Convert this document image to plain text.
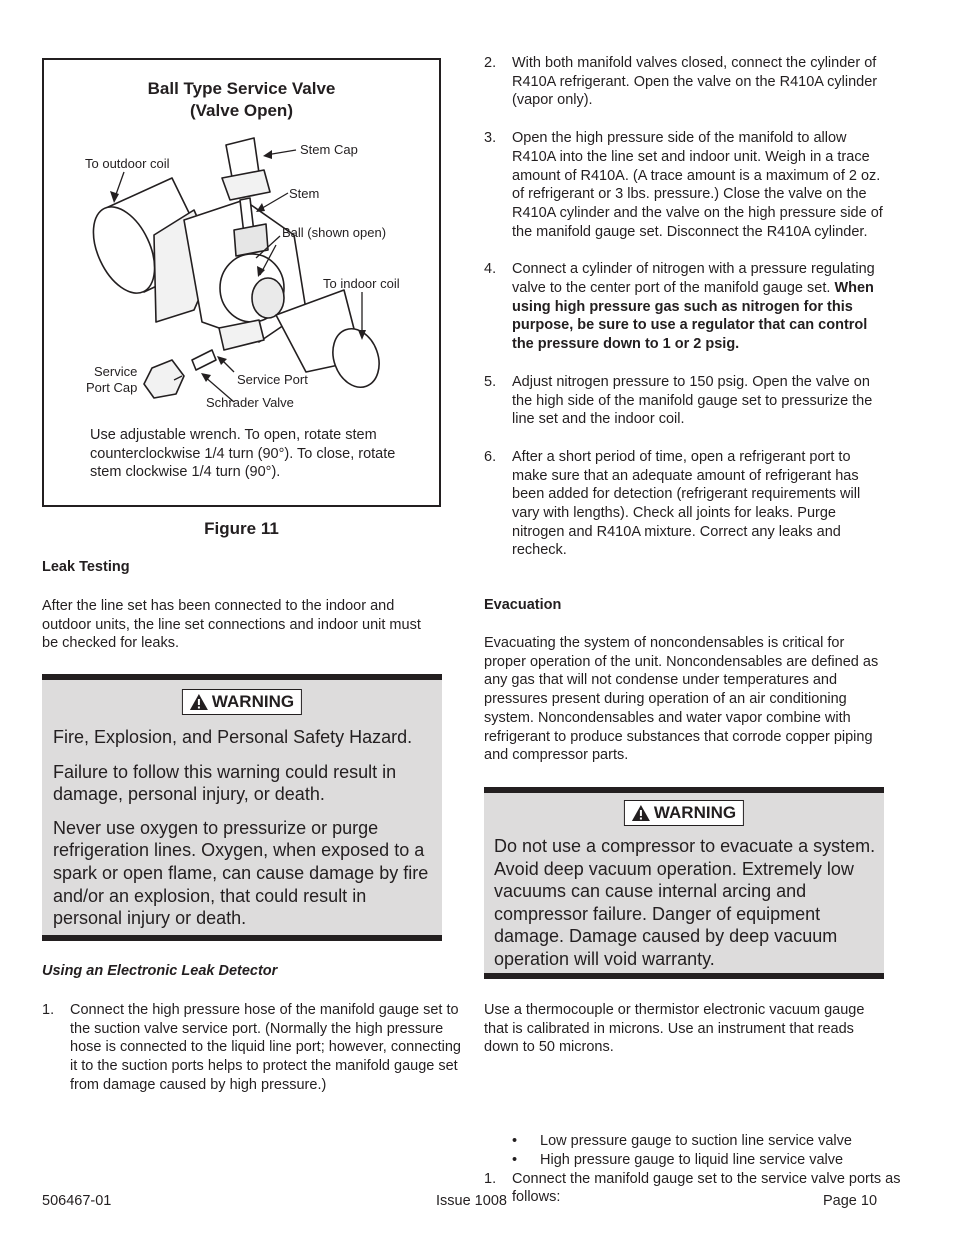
Ball Type Service Valve
(Valve Open)
To outdoor coil
Stem Cap
Stem
Ball (shown open)
To indoor coil
Service
Port Cap
Service Port
Schrader Valve
Use adjustable wrench. To open, rotate stem counterclockwise 1/4 turn (90°). To close, rotate stem clockwise 1/4 turn (90°).
Figure 11
Leak Testing
After the line set has been connected to the indoor and outdoor units, the line set connections and indoor unit must be checked for leaks.
WARNING

Fire, Explosion, and Personal Safety Hazard.

Failure to follow this warning could result in damage, personal injury, or death.

Never use oxygen to pressurize or purge refrigeration lines. Oxygen, when exposed to a spark or open flame, can cause damage by fire and/or an explosion, that could result in personal injury or death.

Using an Electronic Leak Detector
1. Connect the high pressure hose of the manifold gauge set to the suction valve service port. (Normally the high pressure hose is connected to the liquid line port; however, connecting it to the suction ports helps to protect the manifold gauge set from damage caused by high pressure.)
2. With both manifold valves closed, connect the cylinder of R410A refrigerant. Open the valve on the R410A cylinder (vapor only).
3. Open the high pressure side of the manifold to allow R410A into the line set and indoor unit. Weigh in a trace amount of R410A. (A trace amount is a maximum of 2 oz. of refrigerant or 3 lbs. pressure.) Close the valve on the R410A cylinder and the valve on the high pressure side of the manifold gauge set. Disconnect the R410A cylinder.
4. Connect a cylinder of nitrogen with a pressure regulating valve to the center port of the manifold gauge set. When using high pressure gas such as nitrogen for this purpose, be sure to use a regulator that can control the pressure down to 1 or 2 psig.
5. Adjust nitrogen pressure to 150 psig. Open the valve on the high side of the manifold gauge set to pressurize the line set and the indoor coil.
6. After a short period of time, open a refrigerant port to make sure that an adequate amount of refrigerant has been added for detection (refrigerant requirements will vary with lengths). Check all joints for leaks. Purge nitrogen and R410A mixture. Correct any leaks and recheck.
Evacuation
Evacuating the system of noncondensables is critical for proper operation of the unit. Noncondensables are defined as any gas that will not condense under temperatures and pressures present during operation of an air conditioning system. Noncondensables and water vapor combine with refrigerant to produce substances that corrode copper piping and compressor parts.
WARNING

Do not use a compressor to evacuate a system. Avoid deep vacuum operation. Extremely low vacuums can cause internal arcing and compressor failure. Danger of equipment damage. Damage caused by deep vacuum operation will void warranty.

Use a thermocouple or thermistor electronic vacuum gauge that is calibrated in microns. Use an instrument that reads down to 50 microns.
1. Connect the manifold gauge set to the service valve ports as follows:
• Low pressure gauge to suction line service valve
• High pressure gauge to liquid line service valve
506467-01	Issue 1008	Page 10
